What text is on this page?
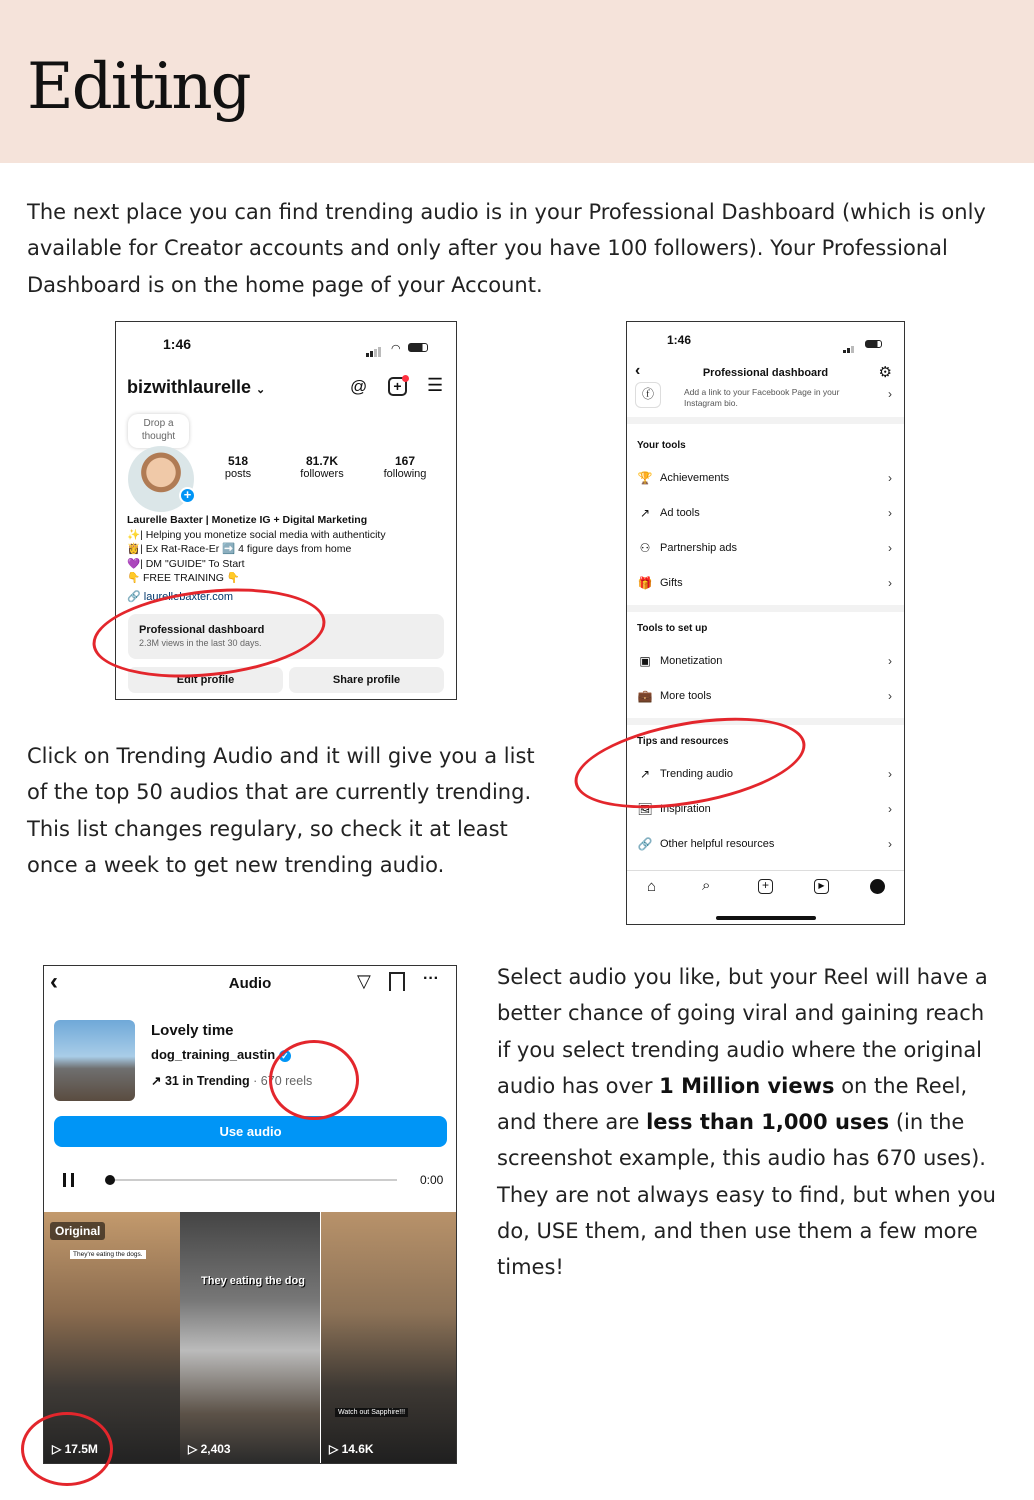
Editing

The next place you can find trending audio is in your Professional Dashboard (which is only available for Creator accounts and only after you have 100 followers). Your Professional Dashboard is on the home page of your Account.

1:46	◠
bizwithlaurelle ⌄	@	+	☰
Drop a thought
+
518
posts
81.7K
followers
167
following
Laurelle Baxter | Monetize IG + Digital Marketing
✨| Helping you monetize social media with authenticity
👸| Ex Rat-Race-Er ➡️ 4 figure days from home
💜| DM "GUIDE" To Start
👇 FREE TRAINING 👇
🔗 laurellebaxter.com
Professional dashboard
2.3M views in the last 30 days.
Edit profile	Share profile

Click on Trending Audio and it will give you a list of the top 50 audios that are currently trending. This list changes regulary, so check it at least once a week to get new trending audio.

1:46

‹	Professional dashboard	⚙
ⓕ	Add a link to your Facebook Page in your Instagram bio.
›
Your tools
🏆 Achievements	›
↗ Ad tools	›
⚇ Partnership ads	›
🎁 Gifts	›
Tools to set up
▣ Monetization	›
💼 More tools	›
Tips and resources
↗ Trending audio	›
🖼 Inspiration	›
🔗 Other helpful resources	›
⌂	⌕	+	▶
‹	Audio	▽	···
Lovely time
dog_training_austin ✓
↗ 31 in Trending · 670 reels
Use audio
0:00
Original
They're eating the dogs.
▷ 17.5M
They eating the dog
▷ 2,403
Watch out Sapphire!!!
▷ 14.6K

Select audio you like, but your Reel will have a better chance of going viral and gaining reach if you select trending audio where the original audio has over 1 Million views on the Reel, and there are less than 1,000 uses (in the screenshot example, this audio has 670 uses). They are not always easy to find, but when you do, USE them, and then use them a few more times!
